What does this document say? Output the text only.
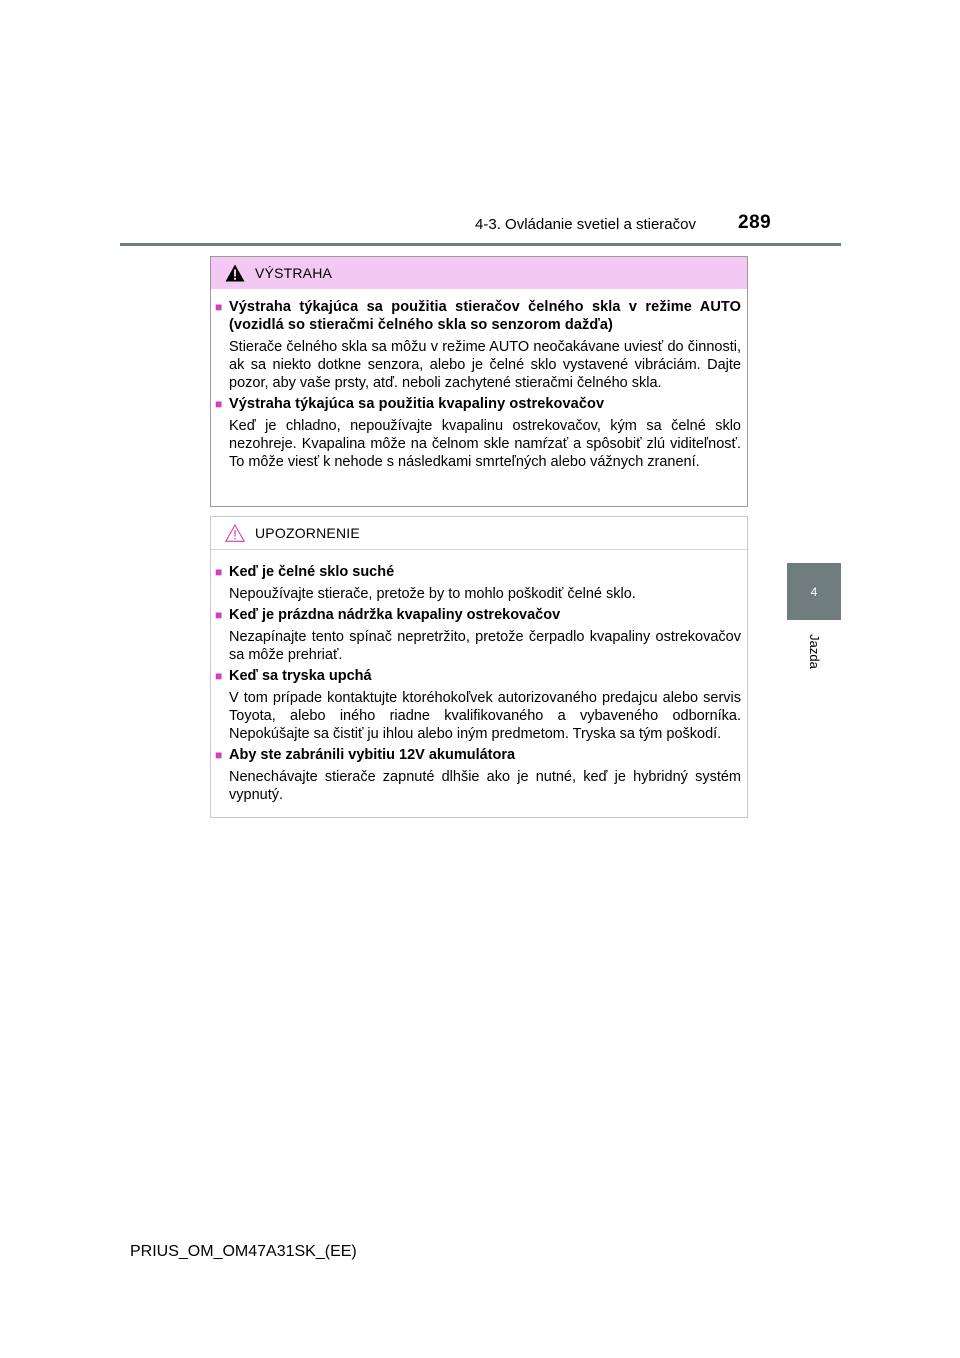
4-3. Ovládanie svetiel a stieračov 289
4
Jazda
VÝSTRAHA
■ Výstraha týkajúca sa použitia stieračov čelného skla v režime AUTO (vozidlá so stieračmi čelného skla so senzorom dažďa)
Stierače čelného skla sa môžu v režime AUTO neočakávane uviesť do činnosti, ak sa niekto dotkne senzora, alebo je čelné sklo vystavené vibráciám. Dajte pozor, aby vaše prsty, atď. neboli zachytené stieračmi čelného skla.
■ Výstraha týkajúca sa použitia kvapaliny ostrekovačov
Keď je chladno, nepoužívajte kvapalinu ostrekovačov, kým sa čelné sklo nezohreje. Kvapalina môže na čelnom skle namŕzať a spôsobiť zlú viditeľnosť. To môže viesť k nehode s následkami smrteľných alebo vážnych zranení.
UPOZORNENIE
■ Keď je čelné sklo suché
Nepoužívajte stierače, pretože by to mohlo poškodiť čelné sklo.
■ Keď je prázdna nádržka kvapaliny ostrekovačov
Nezapínajte tento spínač nepretržito, pretože čerpadlo kvapaliny ostrekovačov sa môže prehriať.
■ Keď sa tryska upchá
V tom prípade kontaktujte ktoréhokoľvek autorizovaného predajcu alebo servis Toyota, alebo iného riadne kvalifikovaného a vybaveného odborníka. Nepokúšajte sa čistiť ju ihlou alebo iným predmetom. Tryska sa tým poškodí.
■ Aby ste zabránili vybitiu 12V akumulátora
Nenechávajte stierače zapnuté dlhšie ako je nutné, keď je hybridný systém vypnutý.
PRIUS_OM_OM47A31SK_(EE)
